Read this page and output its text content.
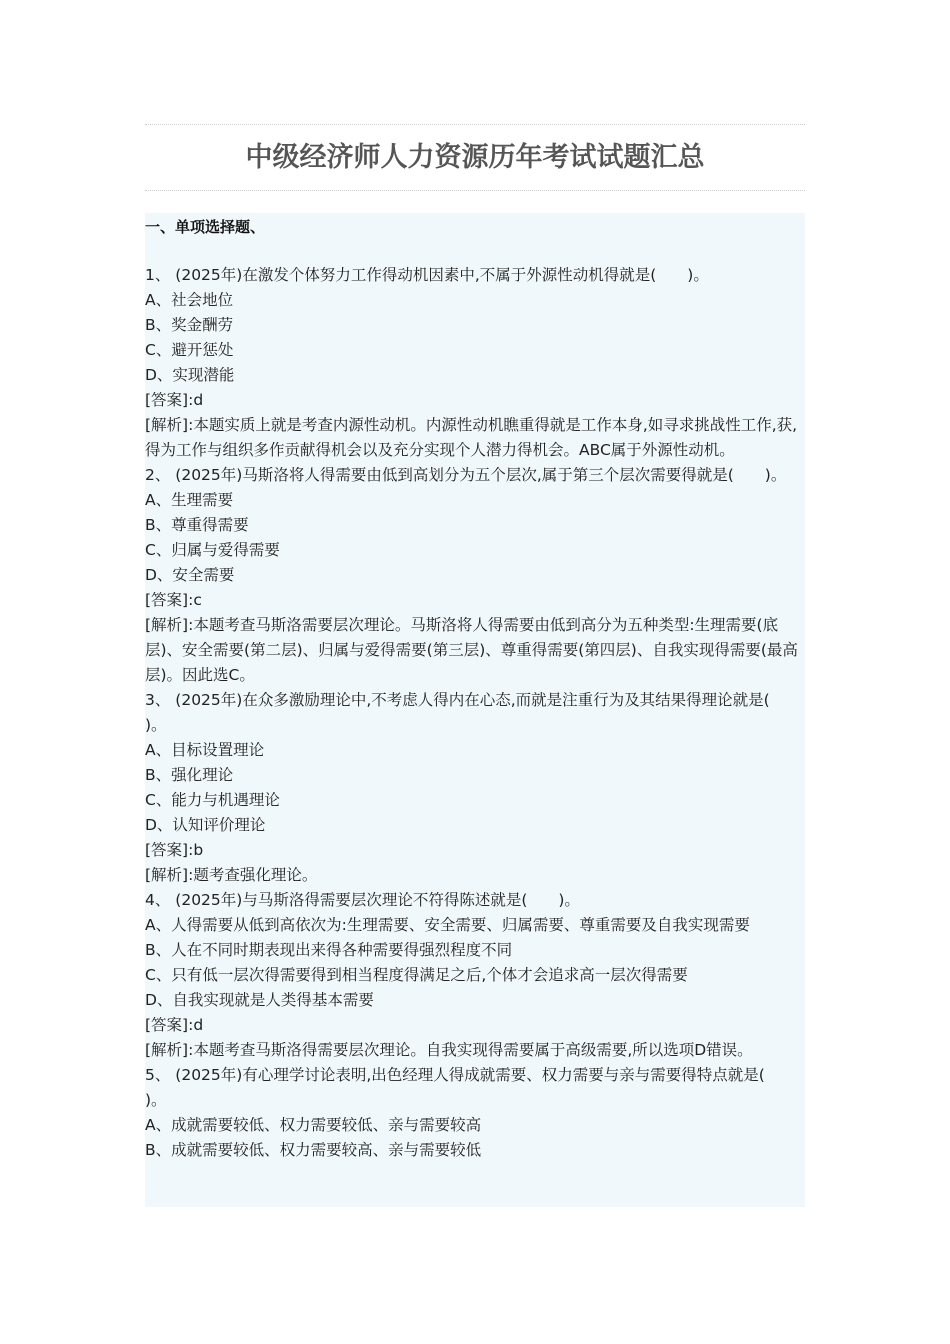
中级经济师人力资源历年考试试题汇总
一、单项选择题、
1、 (2025年)在激发个体努力工作得动机因素中,不属于外源性动机得就是(　　)。
A、社会地位
B、奖金酬劳
C、避开惩处
D、实现潜能
[答案]:d
[解析]:本题实质上就是考查内源性动机。内源性动机瞧重得就是工作本身,如寻求挑战性工作,获,得为工作与组织多作贡献得机会以及充分实现个人潜力得机会。ABC属于外源性动机。
2、 (2025年)马斯洛将人得需要由低到高划分为五个层次,属于第三个层次需要得就是(　　)。
A、生理需要
B、尊重得需要
C、归属与爱得需要
D、安全需要
[答案]:c
[解析]:本题考查马斯洛需要层次理论。马斯洛将人得需要由低到高分为五种类型:生理需要(底层)、安全需要(第二层)、归属与爱得需要(第三层)、尊重得需要(第四层)、自我实现得需要(最高层)。因此选C。
3、 (2025年)在众多激励理论中,不考虑人得内在心态,而就是注重行为及其结果得理论就是(　　)。
A、目标设置理论
B、强化理论
C、能力与机遇理论
D、认知评价理论
[答案]:b
[解析]:题考查强化理论。
4、 (2025年)与马斯洛得需要层次理论不符得陈述就是(　　)。
A、人得需要从低到高依次为:生理需要、安全需要、归属需要、尊重需要及自我实现需要
B、人在不同时期表现出来得各种需要得强烈程度不同
C、只有低一层次得需要得到相当程度得满足之后,个体才会追求高一层次得需要
D、自我实现就是人类得基本需要
[答案]:d
[解析]:本题考查马斯洛得需要层次理论。自我实现得需要属于高级需要,所以选项D错误。
5、 (2025年)有心理学讨论表明,出色经理人得成就需要、权力需要与亲与需要得特点就是(　　)。
A、成就需要较低、权力需要较低、亲与需要较高
B、成就需要较低、权力需要较高、亲与需要较低
